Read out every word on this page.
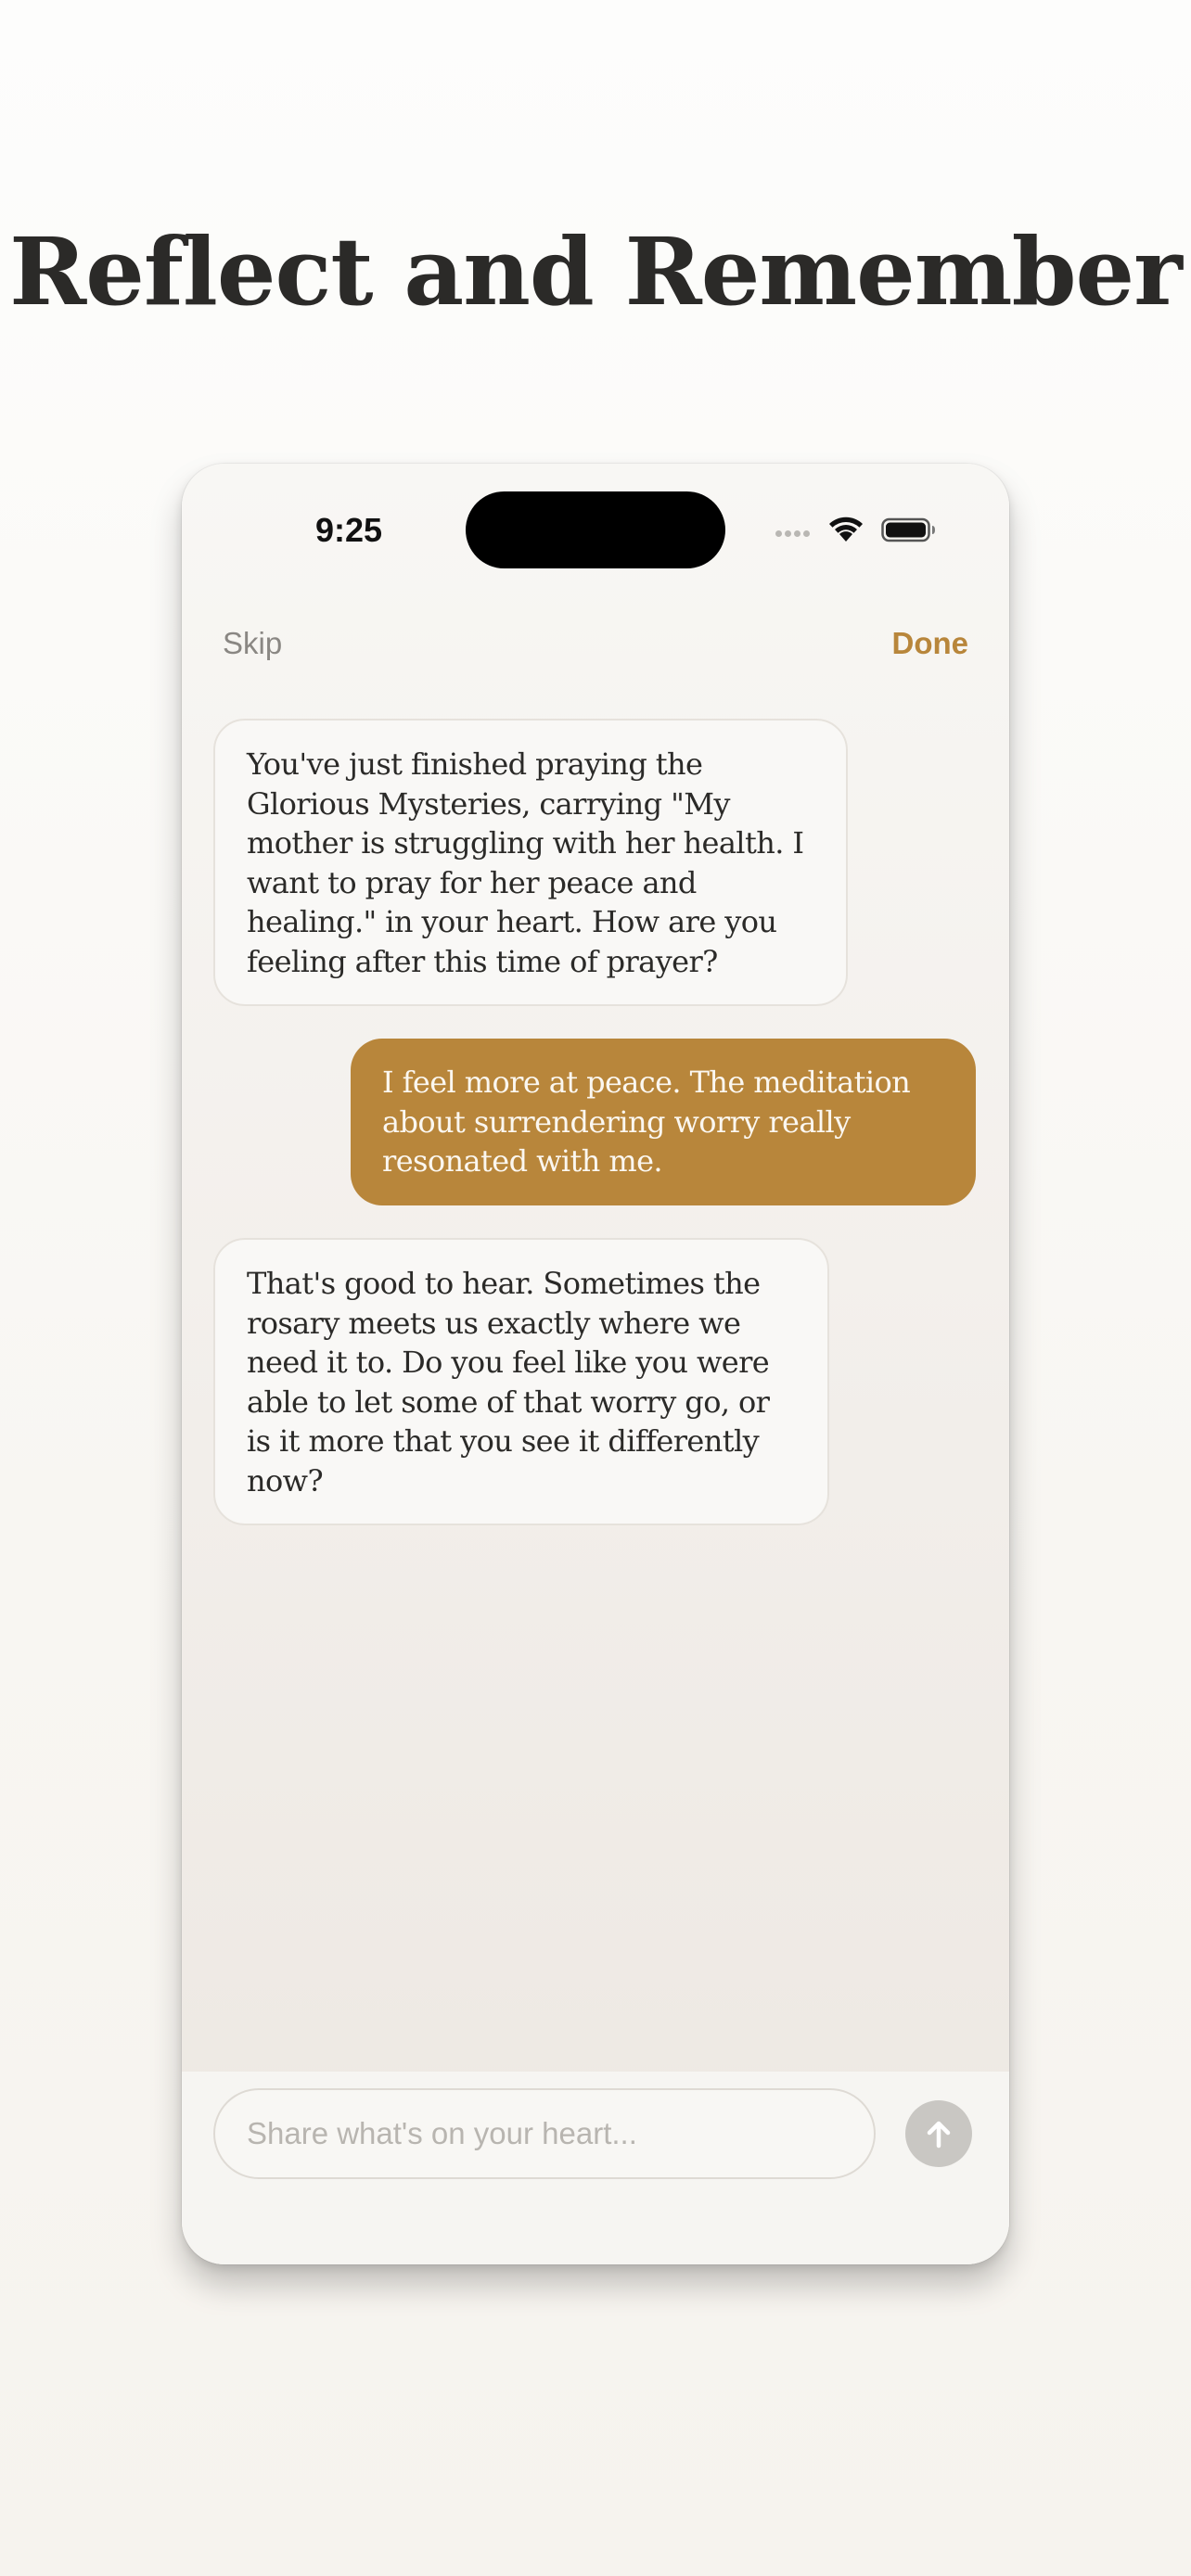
Reflect and Remember
9:25
Skip	Done
You've just finished praying the Glorious Mysteries, carrying "My mother is struggling with her health. I want to pray for her peace and healing." in your heart. How are you feeling after this time of prayer?
I feel more at peace. The meditation about surrendering worry really resonated with me.
That's good to hear. Sometimes the rosary meets us exactly where we need it to. Do you feel like you were able to let some of that worry go, or is it more that you see it differently now?
Share what's on your heart...
